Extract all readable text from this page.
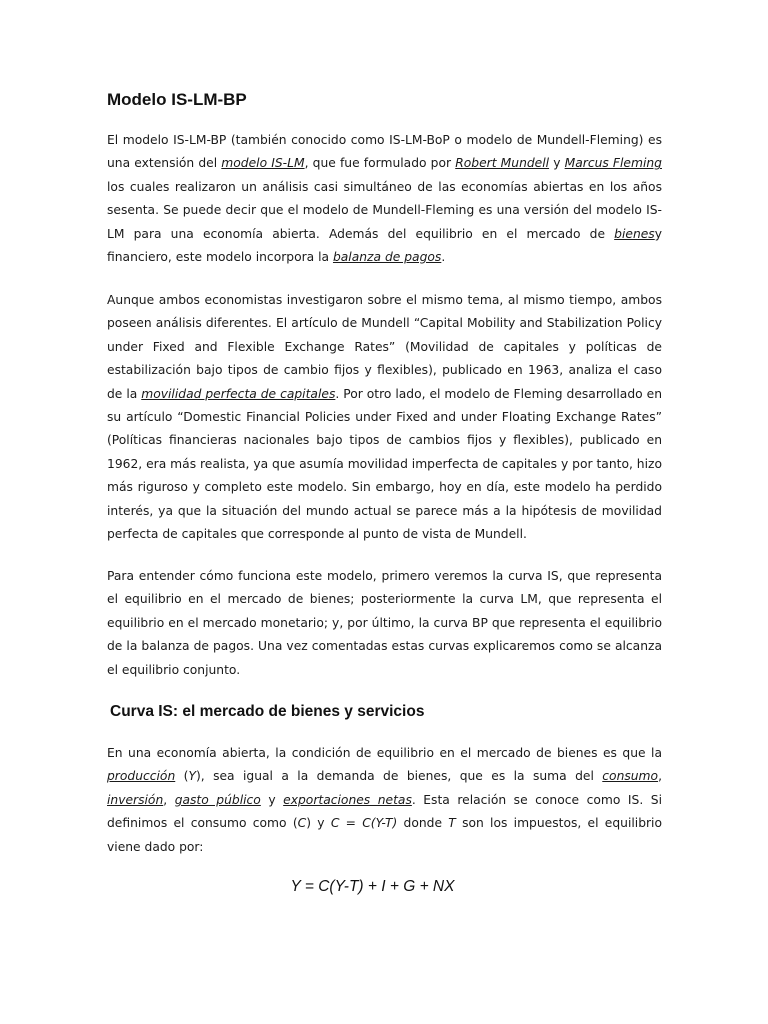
Modelo IS-LM-BP

El modelo IS-LM-BP (también conocido como IS-LM-BoP o modelo de Mundell-Fleming) es una extensión del modelo IS-LM, que fue formulado por Robert Mundell y Marcus Fleming los cuales realizaron un análisis casi simultáneo de las economías abiertas en los años sesenta. Se puede decir que el modelo de Mundell-Fleming es una versión del modelo IS-LM para una economía abierta. Además del equilibrio en el mercado de bienesy financiero, este modelo incorpora la balanza de pagos.

Aunque ambos economistas investigaron sobre el mismo tema, al mismo tiempo, ambos poseen análisis diferentes. El artículo de Mundell “Capital Mobility and Stabilization Policy under Fixed and Flexible Exchange Rates” (Movilidad de capitales y políticas de estabilización bajo tipos de cambio fijos y flexibles), publicado en 1963, analiza el caso de la movilidad perfecta de capitales. Por otro lado, el modelo de Fleming desarrollado en su artículo “Domestic Financial Policies under Fixed and under Floating Exchange Rates” (Políticas financieras nacionales bajo tipos de cambios fijos y flexibles), publicado en 1962, era más realista, ya que asumía movilidad imperfecta de capitales y por tanto, hizo más riguroso y completo este modelo. Sin embargo, hoy en día, este modelo ha perdido interés, ya que la situación del mundo actual se parece más a la hipótesis de movilidad perfecta de capitales que corresponde al punto de vista de Mundell.

Para entender cómo funciona este modelo, primero veremos la curva IS, que representa el equilibrio en el mercado de bienes; posteriormente la curva LM, que representa el equilibrio en el mercado monetario; y, por último, la curva BP que representa el equilibrio de la balanza de pagos. Una vez comentadas estas curvas explicaremos como se alcanza el equilibrio conjunto.

Curva IS: el mercado de bienes y servicios

En una economía abierta, la condición de equilibrio en el mercado de bienes es que la producción (Y), sea igual a la demanda de bienes, que es la suma del consumo, inversión, gasto público y exportaciones netas. Esta relación se conoce como IS. Si definimos el consumo como (C) y C = C(Y-T) donde T son los impuestos, el equilibrio viene dado por:

Y = C(Y-T) + I + G + NX
